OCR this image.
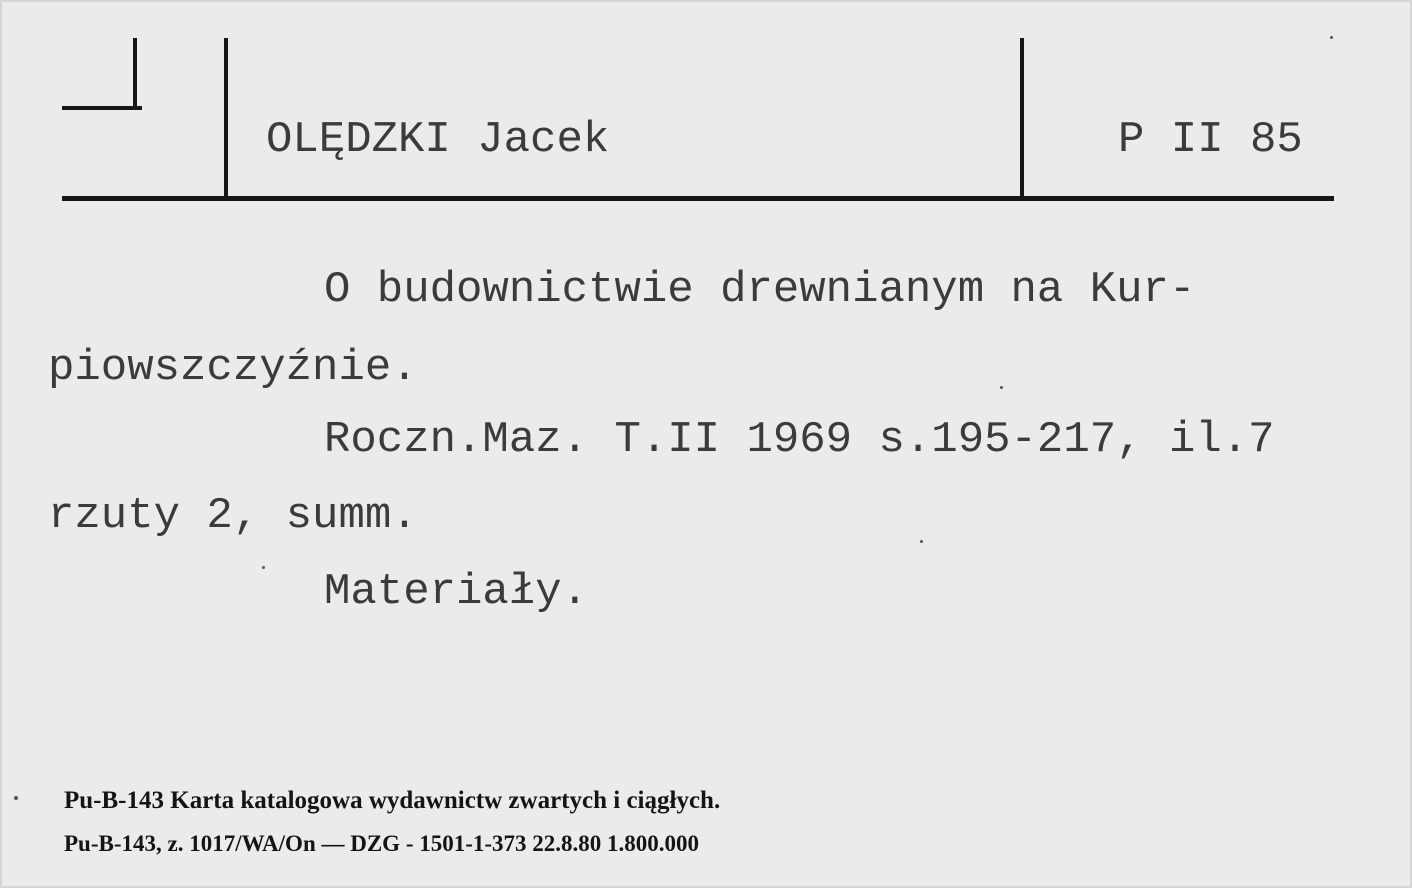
OLĘDZKI Jacek	P II 85
O budownictwie drewnianym na Kur-
piowszczyźnie.
Roczn.Maz. T.II 1969 s.195-217, il.7
rzuty 2, summ.
Materiały.
Pu-B-143 Karta katalogowa wydawnictw zwartych i ciągłych.
Pu-B-143, z. 1017/WA/On — DZG - 1501-1-373 22.8.80 1.800.000
